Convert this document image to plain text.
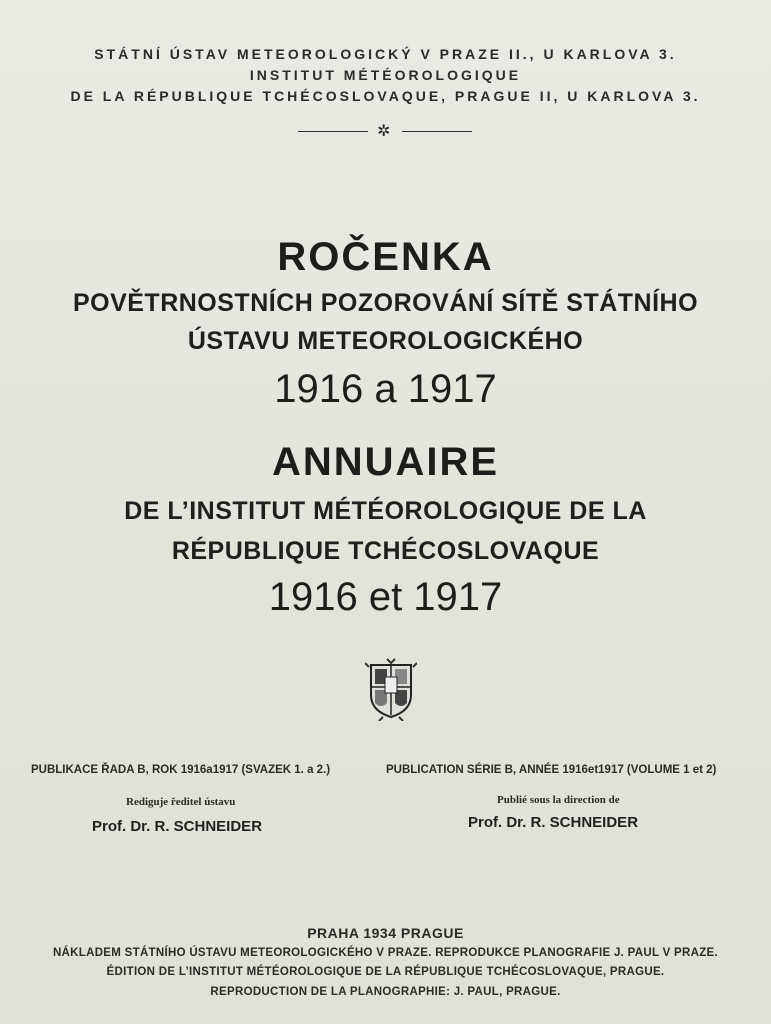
STÁTNÍ ÚSTAV METEOROLOGICKÝ V PRAZE II., U KARLOVA 3.
INSTITUT MÉTÉOROLOGIQUE
DE LA RÉPUBLIQUE TCHÉCOSLOVAQUE, PRAGUE II, U KARLOVA 3.
✲
ROČENKA
POVĚTRNOSTNÍCH POZOROVÁNÍ SÍTĚ STÁTNÍHO
ÚSTAVU METEOROLOGICKÉHO
1916 a 1917
ANNUAIRE
DE L’INSTITUT MÉTÉOROLOGIQUE DE LA
RÉPUBLIQUE TCHÉCOSLOVAQUE
1916 et 1917
PUBLIKACE ŘADA B, ROK 1916a1917 (SVAZEK 1. a 2.)	PUBLICATION SÉRIE B, ANNÉE 1916et1917 (VOLUME 1 et 2)
Rediguje ředitel ústavu	Publié sous la direction de
Prof. Dr. R. SCHNEIDER	Prof. Dr. R. SCHNEIDER
PRAHA 1934 PRAGUE
NÁKLADEM STÁTNÍHO ÚSTAVU METEOROLOGICKÉHO V PRAZE. REPRODUKCE PLANOGRAFIE J. PAUL V PRAZE.
ÉDITION DE L’INSTITUT MÉTÉOROLOGIQUE DE LA RÉPUBLIQUE TCHÉCOSLOVAQUE, PRAGUE.
REPRODUCTION DE LA PLANOGRAPHIE: J. PAUL, PRAGUE.
